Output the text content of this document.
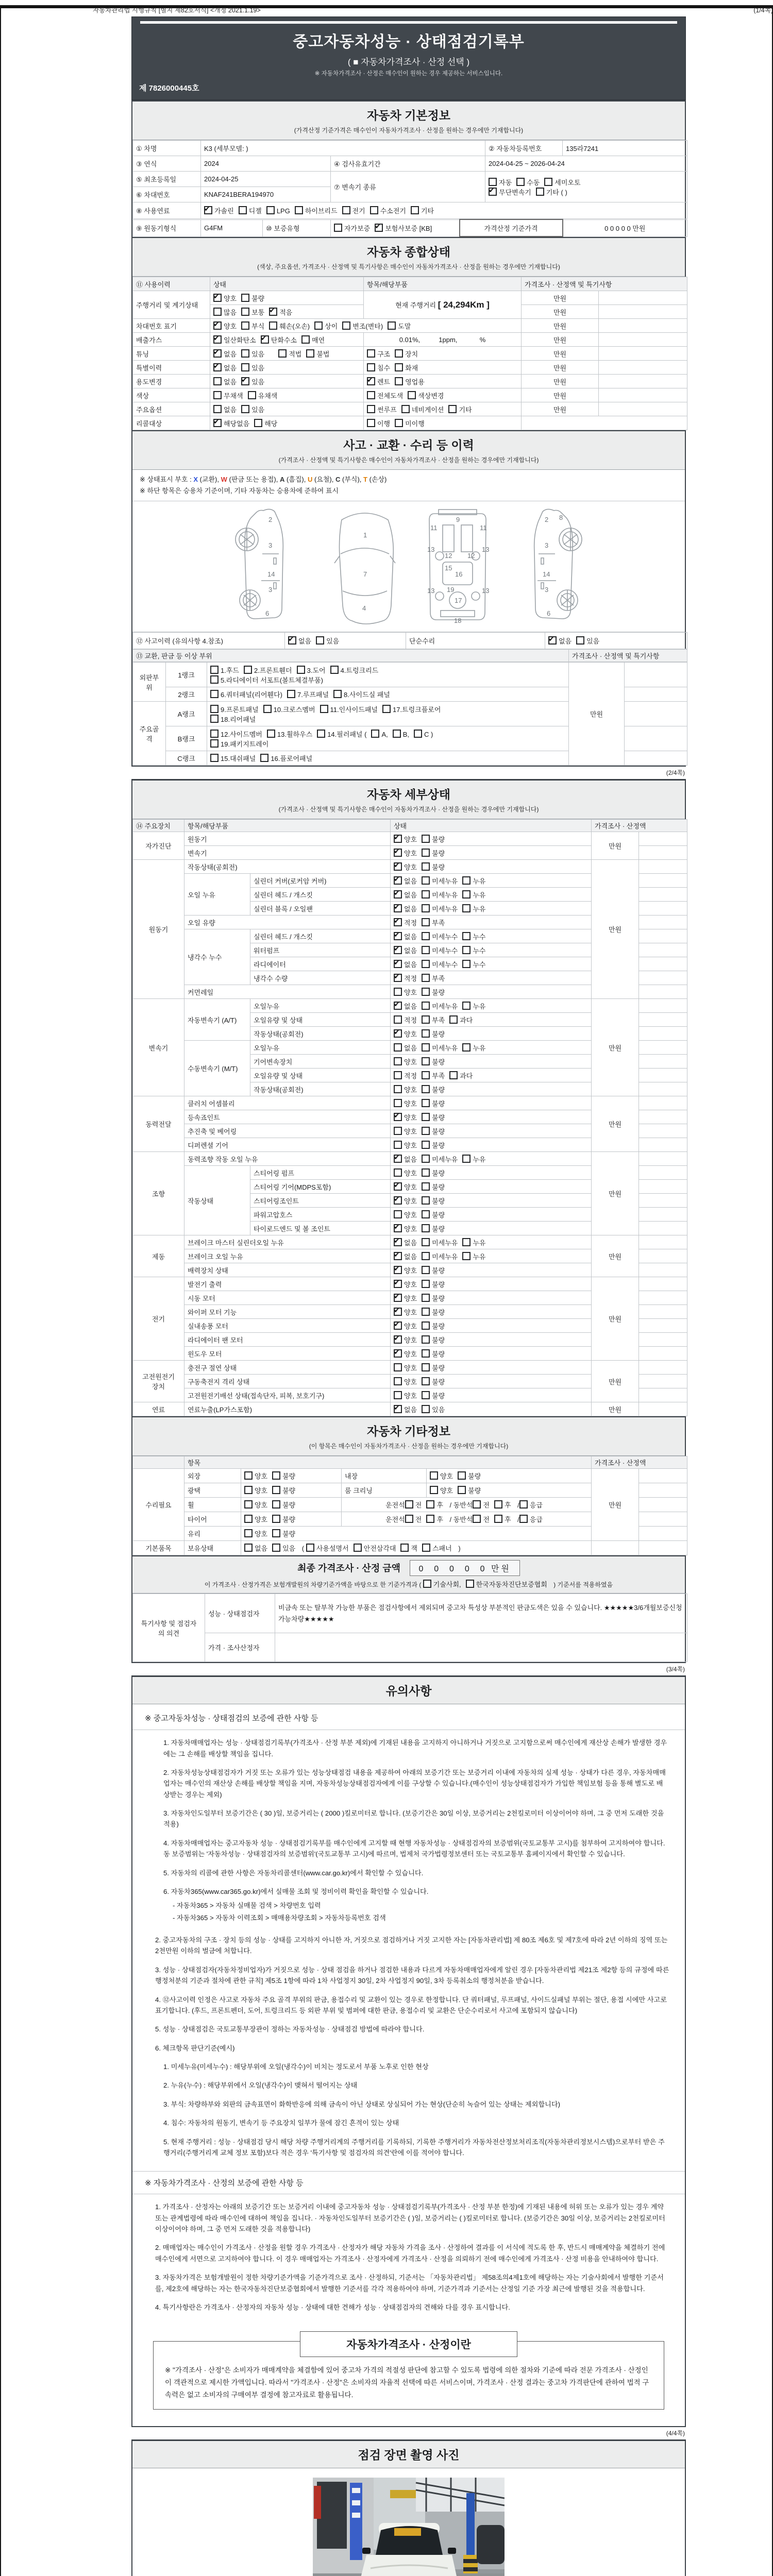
자동차관리법 시행규칙 [별지 제82호서식] <개정 2021.1.19>	(1/4쪽)
중고자동차성능 · 상태점검기록부
( ■ 자동차가격조사 · 산정 선택 )
※ 자동차가격조사 · 산정은 매수인이 원하는 경우 제공하는 서비스입니다.
제 7826000445호
자동차 기본정보
(가격산정 기준가격은 매수인이 자동차가격조사 · 산정을 원하는 경우에만 기재합니다)
① 차명	K3 (세부모델: )		② 자동차등록번호	135라7241
③ 연식	2024	④ 검사유효기간	2024-04-25 ~ 2026-04-24	
⑤ 최초등록일	2024-04-25	⑦ 변속기 종류	자동 수동 세미오토
✔무단변속기 기타 ( )

⑥ 차대번호	KNAF241BERA194970			
⑧ 사용연료	✔가솔린 디젤 LPG 하이브리드 전기 수소전기 기타
⑨ 원동기형식	G4FM	⑩ 보증유형	자가보증 ✔ 보험사보증 [KB]	가격산정 기준가격	0 0 0 0 0 만원
자동차 종합상태
(색상, 주요옵션, 가격조사 · 산정액 및 특기사항은 매수인이 자동차가격조사 · 산정을 원하는 경우에만 기재합니다)
⑪ 사용이력	상태	항목/해당부품	가격조사 · 산정액 및 특기사항	
주행거리 및 계기상태	✔양호 불량	현재 주행거리 [ 24,294Km ]	만원	
	많음 보통 ✔ 적음		만원	
차대번호 표기	✔양호 부식 훼손(오손) 상이 변조(변타) 도말		만원	
배출가스	✔일산화탄소 ✔ 탄화수소 매연	0.01%,          1ppm,            %	만원	
튜닝	✔없음 있음 적법 불법	구조 장치	만원	
특별이력	✔없음 있음	침수 화재	만원	
용도변경	없음 ✔ 있음	✔렌트 영업용	만원	
색상	무채색 유채색	전체도색 색상변경	만원	
주요옵션	없음 있음	썬루프 네비게이션 기타	만원	
리콜대상	✔해당없음 해당	이행 미이행		
사고 · 교환 · 수리 등 이력
(가격조사 · 산정액 및 특기사항은 매수인이 자동차가격조사 · 산정을 원하는 경우에만 기재합니다)
※ 상태표시 부호 : X (교환), W (판금 또는 용접), A (흠집), U (요철), C (부식), T (손상)
※ 하단 항목은 승용차 기준이며, 기타 자동차는 승용차에 준하여 표시
2
3
14
3
6
1
7
4
9
11	11
13	13
12 12
16
13	13
19
17
18
15
2
3
14
3
6
8
⑫ 사고이력 (유의사항 4.참조)	✔없음 있음	단순수리	✔없음 있음
⑬ 교환, 판금 등 이상 부위	가격조사 · 산정액 및 특기사항
외판부위	1랭크	1.후드 2.프론트휀더 3.도어 4.트렁크리드
5.라디에이터 서포트(볼트체결부품)	만원	
	2랭크	6.쿼터패널(리어휀다) 7.루프패널 8.사이드실 패널		
주요골격	A랭크	9.프론트패널 10.크로스멤버 11.인사이드패널 17.트렁크플로어
18.리어패널		

	B랭크	12.사이드멤버 13.휠하우스 14.필러패널 ( A, B, C )
19.패키지트레이		

	C랭크	15.대쉬패널 16.플로어패널		
(2/4쪽)
자동차 세부상태
(가격조사 · 산정액 및 특기사항은 매수인이 자동차가격조사 · 산정을 원하는 경우에만 기재합니다)
⑭ 주요장치	항목/해당부품		상태	가격조사 · 산정액	
자가진단	원동기	✔양호 불량	만원	
	변속기	✔양호 불량	
원동기	작동상태(공회전)	✔양호 불량	만원	
	오일 누유	실린더 커버(로커암 커버)	✔없음 미세누유 누유	
		실린더 헤드 / 개스킷	✔없음 미세누유 누유	
		실린더 블록 / 오일팬	✔없음 미세누유 누유	
	오일 유량	✔적정 부족	
	냉각수 누수	실린더 헤드 / 개스킷	✔없음 미세누수 누수	
		워터펌프	✔없음 미세누수 누수	
		라디에이터	✔없음 미세누수 누수	
		냉각수 수량	✔적정 부족	
	커먼레일		양호 불량		
변속기	자동변속기 (A/T)	오일누유	✔없음 미세누유 누유	만원	
		오일유량 및 상태	적정 부족 과다		
		작동상태(공회전)	✔양호 불량	
	수동변속기 (M/T)	오일누유	없음 미세누유 누유		
		기어변속장치	양호 불량		
		오일유량 및 상태	적정 부족 과다		
		작동상태(공회전)	양호 불량		
동력전달	클러치 어셈블리		양호 불량	만원	
	등속죠인트	✔양호 불량	
	추진축 및 베어링		양호 불량		
	디퍼렌셜 기어		양호 불량		
조향	동력조향 작동 오일 누유	✔없음 미세누유 누유	만원	
	작동상태	스티어링 펌프	양호 불량		
		스티어링 기어(MDPS포함)	✔양호 불량	
		스티어링조인트	✔양호 불량	
		파워고압호스	양호 불량		
		타이로드엔드 및 볼 조인트	✔양호 불량	
제동	브레이크 마스터 실린더오일 누유	✔없음 미세누유 누유	만원	
	브레이크 오일 누유	✔없음 미세누유 누유	
	배력장치 상태	✔양호 불량	
전기	발전기 출력	✔양호 불량	만원	
	시동 모터	✔양호 불량	
	와이퍼 모터 기능	✔양호 불량	
	실내송풍 모터	✔양호 불량	
	라디에이터 팬 모터	✔양호 불량	
	윈도우 모터	✔양호 불량	
고전원전기장치	충전구 절연 상태		양호 불량	만원	
	구동축전지 격리 상태		양호 불량		
	고전원전기배선 상태(접속단자, 피복, 보호기구)		양호 불량		
연료	연료누출(LP가스포함)	✔없음 있음	만원	
자동차 기타정보
(이 항목은 매수인이 자동차가격조사 · 산정을 원하는 경우에만 기재합니다)
	항목				가격조사 · 산정액	
수리필요	외장	양호 불량	내장	양호 불량	만원	
	광택	양호 불량	룸 크리닝	양호 불량		
	휠	양호 불량	운전석 전 후 / 동반석 전 후 / 응급			
	타이어	양호 불량	운전석 전 후 / 동반석 전 후 / 응급			
	유리	양호 불량				
기본품목	보유상태	없음 있음 ( 사용설명서 안전삼각대 잭 스패너 )				
최종 가격조사 · 산정 금액 0  0  0  0  0 만원
이 가격조사 · 산정가격은 보험개발원의 차량기준가액을 바탕으로 한 기준가격과 ( 기술사회, 한국자동차진단보증협회 ) 기준서를 적용하였음
특기사항 및 점검자의 의견	성능 · 상태점검자	비금속 또는 탈부착 가능한 부품은 점검사항에서 제외되며 중고차 특성상 부분적인 판금도색은 있을 수 있습니다. ★★★★★3/6개월보증신청가능차량★★★★★
	가격 · 조사산정자	
(3/4쪽)
유의사항
※ 중고자동차성능 · 상태점검의 보증에 관한 사항 등

1. 자동차매매업자는 성능 · 상태점검기록부(가격조사 · 산정 부분 제외)에 기재된 내용을 고지하지 아니하거나 거짓으로 고지함으로써 매수인에게 재산상 손해가 발생한 경우에는 그 손해를 배상할 책임을 집니다.

2. 자동차성능상태점검자가 거짓 또는 오류가 있는 성능상태점검 내용을 제공하여 아래의 보증기간 또는 보증거리 이내에 자동차의 실제 성능 · 상태가 다른 경우, 자동차매매업자는 매수인의 재산상 손해를 배상할 책임을 지며, 자동차성능상태점검자에게 이를 구상할 수 있습니다.(매수인이 성능상태점검자가 가입한 책임보험 등을 통해 별도로 배상받는 경우는 제외)

3. 자동차인도일부터 보증기간은 ( 30 )일, 보증거리는 ( 2000 )킬로미터로 합니다. (보증기간은 30일 이상, 보증거리는 2천킬로미터 이상이어야 하며, 그 중 먼저 도래한 것을 적용)

4. 자동차매매업자는 중고자동차 성능 · 상태점검기록부를 매수인에게 고지할 때 현행 자동차성능 · 상태점검자의 보증범위(국토교통부 고시)를 첨부하여 고지하여야 합니다. 동 보증범위는 '자동차성능 · 상태점검자의 보증범위'(국토교통부 고시)에 따르며, 법제처 국가법령정보센터 또는 국토교통부 홈페이지에서 확인할 수 있습니다.

5. 자동차의 리콜에 관한 사항은 자동차리콜센터(www.car.go.kr)에서 확인할 수 있습니다.

6. 자동차365(www.car365.go.kr)에서 실매물 조회 및 정비이력 확인을 확인할 수 있습니다.

- 자동차365 > 자동차 실매물 검색 > 차량번호 입력

- 자동차365 > 자동차 이력조회 > 매매용차량조회 > 자동차등록번호 검색

2. 중고자동차의 구조 · 장치 등의 성능 · 상태를 고지하지 아니한 자, 거짓으로 점검하거나 거짓 고지한 자는 [자동차관리법] 제 80조 제6호 및 제7호에 따라 2년 이하의 징역 또는 2천만원 이하의 벌금에 처합니다.

3. 성능 · 상태점검자(자동차정비업자)가 거짓으로 성능 · 상태 점검을 하거나 점검한 내용과 다르게 자동차매매업자에게 알린 경우 [자동차관리법 제21조 제2항 등의 규정에 따른 행정처분의 기준과 절차에 관한 규칙] 제5조 1항에 따라 1차 사업정지 30일, 2차 사업정지 90일, 3차 등록취소의 행정처분을 받습니다.

4. ⑫사고이력 인정은 사고로 자동차 주요 골격 부위의 판금, 용접수리 및 교환이 있는 경우로 한정합니다. 단 쿼터패널, 루프패널, 사이드실패널 부위는 절단, 용접 시에만 사고로 표기합니다. (후드, 프론트펜더, 도어, 트렁크리드 등 외판 부위 및 범퍼에 대한 판금, 용접수리 및 교환은 단순수리로서 사고에 포함되지 않습니다)

5. 성능 · 상태점검은 국토교통부장관이 정하는 자동차성능 · 상태점검 방법에 따라야 합니다.

6. 체크항목 판단기준(예시)

1. 미세누유(미세누수) : 해당부위에 오일(냉각수)이 비치는 정도로서 부품 노후로 인한 현상

2. 누유(누수) : 해당부위에서 오일(냉각수)이 맺혀서 떨어지는 상태

3. 부식: 차량하부와 외판의 금속표면이 화학반응에 의해 금속이 아닌 상태로 상실되어 가는 현상(단순히 녹슬어 있는 상태는 제외합니다)

4. 침수: 자동차의 원동기, 변속기 등 주요장치 일부가 물에 잠긴 흔적이 있는 상태

5. 현재 주행거리 : 성능 · 상태점검 당시 해당 차량 주행거리계의 주행거리를 기록하되, 기록한 주행거리가 자동차전산정보처리조직(자동차관리정보시스템)으로부터 받은 주행거리(주행거리계 교체 정보 포함)보다 적은 경우 '특기사항 및 점검자의 의견'란에 이를 적어야 합니다.

※ 자동차가격조사 · 산정의 보증에 관한 사항 등

1. 가격조사 · 산정자는 아래의 보증기간 또는 보증거리 이내에 중고자동차 성능 · 상태점검기록부(가격조사 · 산정 부분 한정)에 기재된 내용에 허위 또는 오류가 있는 경우 계약 또는 관계법령에 따라 매수인에 대하여 책임을 집니다. · 자동차인도일부터 보증기간은 ( )일, 보증거리는 ( )킬로미터로 합니다. (보증기간은 30일 이상, 보증거리는 2천킬로미터 이상이어야 하며, 그 중 먼저 도래한 것을 적용합니다)

2. 매매업자는 매수인이 가격조사 · 산정을 원할 경우 가격조사 · 산정자가 해당 자동차 가격을 조사 · 산정하여 결과를 이 서식에 적도록 한 후, 반드시 매매계약을 체결하기 전에 매수인에게 서면으로 고지하여야 합니다. 이 경우 매매업자는 가격조사 · 산정자에게 가격조사 · 산정을 의뢰하기 전에 매수인에게 가격조사 · 산정 비용을 안내하여야 합니다.

3. 자동차가격은 보험개발원이 정한 차량기준가액을 기준가격으로 조사 · 산정하되, 기준서는 「자동차관리법」 제58조의4제1호에 해당하는 자는 기술사회에서 발행한 기준서를, 제2호에 해당하는 자는 한국자동차진단보증협회에서 발행한 기준서를 각각 적용하여야 하며, 기준가격과 기준서는 산정일 기준 가장 최근에 발행된 것을 적용합니다.

4. 특기사항란은 가격조사 · 산정자의 자동차 성능 · 상태에 대한 견해가 성능 · 상태점검자의 견해와 다를 경우 표시합니다.

자동차가격조사 · 산정이란
※ "가격조사 · 산정"은 소비자가 매매계약을 체결함에 있어 중고차 가격의 적절성 판단에 참고할 수 있도록 법령에 의한 절차와 기준에 따라 전문 가격조사 · 산정인이 객관적으로 제시한 가액입니다. 따라서 "가격조사 · 산정"은 소비자의 자율적 선택에 따른 서비스이며, 가격조사 · 산정 결과는 중고차 가격판단에 관하여 법적 구속력은 없고 소비자의 구매여부 결정에 참고자료로 활용됩니다.
(4/4쪽)
점검 장면 촬영 사진
